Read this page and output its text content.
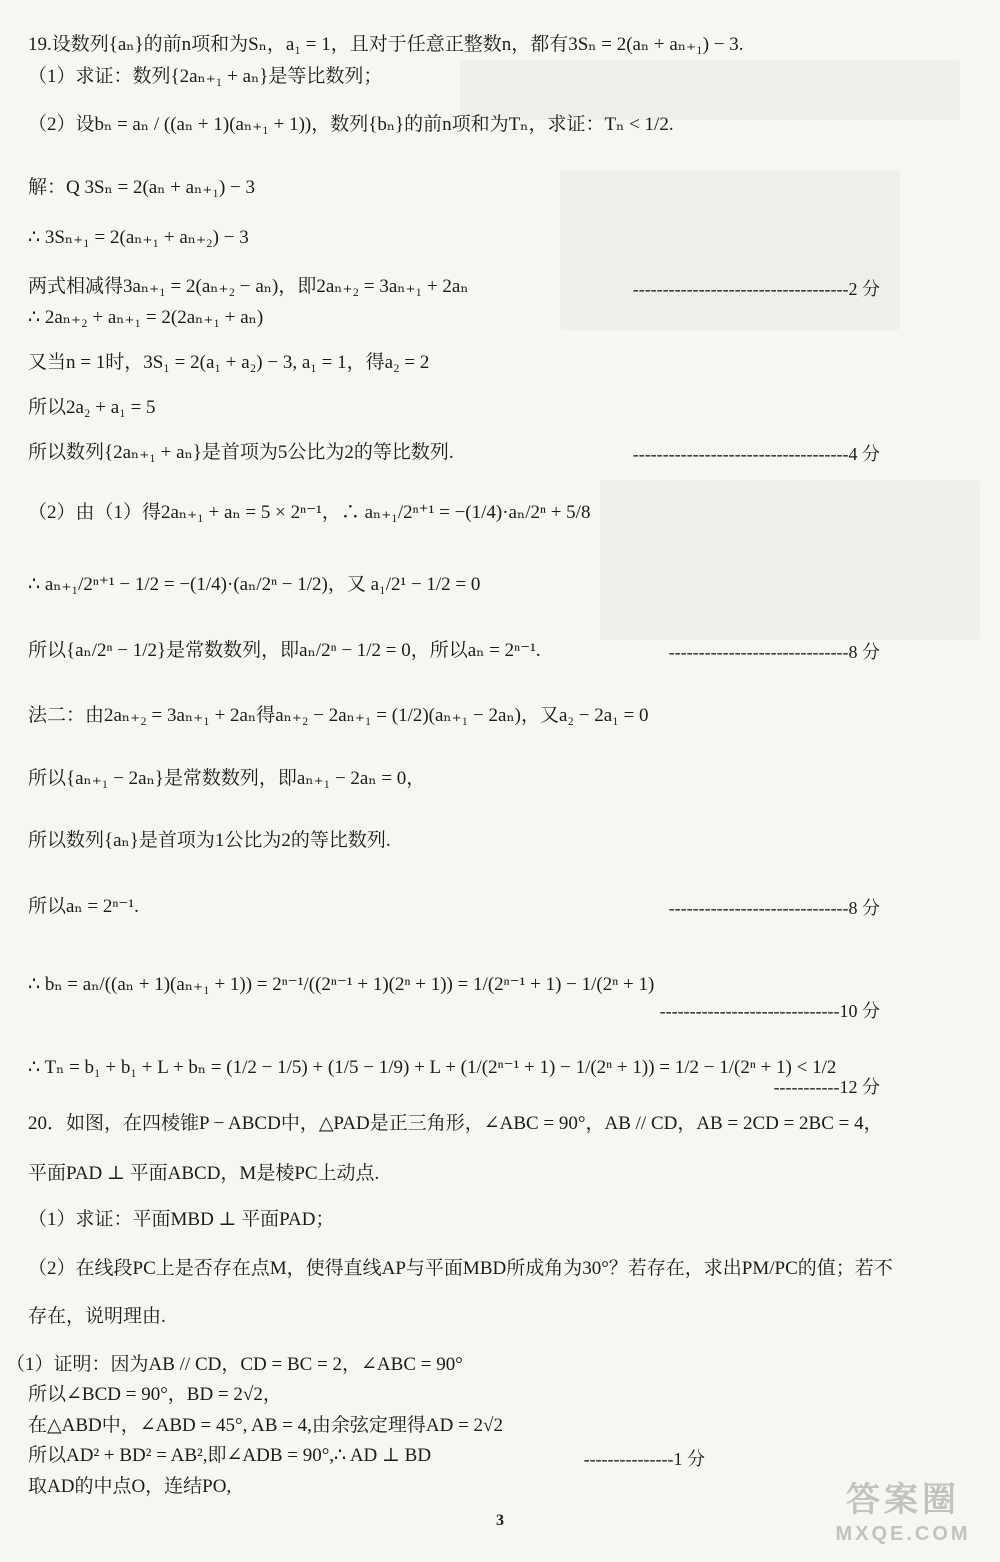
19.设数列{aₙ}的前n项和为Sₙ，a₁ = 1，且对于任意正整数n，都有3Sₙ = 2(aₙ + aₙ₊₁) − 3.
（1）求证：数列{2aₙ₊₁ + aₙ}是等比数列；
（2）设bₙ = aₙ / ((aₙ + 1)(aₙ₊₁ + 1))，数列{bₙ}的前n项和为Tₙ，求证：Tₙ < 1/2.
解：Q 3Sₙ = 2(aₙ + aₙ₊₁) − 3
∴ 3Sₙ₊₁ = 2(aₙ₊₁ + aₙ₊₂) − 3
两式相减得3aₙ₊₁ = 2(aₙ₊₂ − aₙ)，即2aₙ₊₂ = 3aₙ₊₁ + 2aₙ	------------------------------------2 分
∴ 2aₙ₊₂ + aₙ₊₁ = 2(2aₙ₊₁ + aₙ)
又当n = 1时，3S₁ = 2(a₁ + a₂) − 3, a₁ = 1，得a₂ = 2
所以2a₂ + a₁ = 5
所以数列{2aₙ₊₁ + aₙ}是首项为5公比为2的等比数列.	------------------------------------4 分
（2）由（1）得2aₙ₊₁ + aₙ = 5 × 2ⁿ⁻¹，∴ aₙ₊₁/2ⁿ⁺¹ = −(1/4)·aₙ/2ⁿ + 5/8
∴ aₙ₊₁/2ⁿ⁺¹ − 1/2 = −(1/4)·(aₙ/2ⁿ − 1/2)，又 a₁/2¹ − 1/2 = 0
所以{aₙ/2ⁿ − 1/2}是常数数列，即aₙ/2ⁿ − 1/2 = 0，所以aₙ = 2ⁿ⁻¹.	------------------------------8 分
法二：由2aₙ₊₂ = 3aₙ₊₁ + 2aₙ得aₙ₊₂ − 2aₙ₊₁ = (1/2)(aₙ₊₁ − 2aₙ)，又a₂ − 2a₁ = 0
所以{aₙ₊₁ − 2aₙ}是常数数列，即aₙ₊₁ − 2aₙ = 0，
所以数列{aₙ}是首项为1公比为2的等比数列.
所以aₙ = 2ⁿ⁻¹.	------------------------------8 分
∴ bₙ = aₙ/((aₙ + 1)(aₙ₊₁ + 1)) = 2ⁿ⁻¹/((2ⁿ⁻¹ + 1)(2ⁿ + 1)) = 1/(2ⁿ⁻¹ + 1) − 1/(2ⁿ + 1)
------------------------------10 分
∴ Tₙ = b₁ + b₁ + L + bₙ = (1/2 − 1/5) + (1/5 − 1/9) + L + (1/(2ⁿ⁻¹ + 1) − 1/(2ⁿ + 1)) = 1/2 − 1/(2ⁿ + 1) < 1/2
-----------12 分
20．如图，在四棱锥P − ABCD中，△PAD是正三角形，∠ABC = 90°，AB // CD，AB = 2CD = 2BC = 4，
平面PAD ⊥ 平面ABCD，M是棱PC上动点.
（1）求证：平面MBD ⊥ 平面PAD；
（2）在线段PC上是否存在点M，使得直线AP与平面MBD所成角为30°？若存在，求出PM/PC的值；若不
存在，说明理由.
（1）证明：因为AB // CD，CD = BC = 2，∠ABC = 90°
所以∠BCD = 90°，BD = 2√2，
在△ABD中，∠ABD = 45°, AB = 4,由余弦定理得AD = 2√2
所以AD² + BD² = AB²,即∠ADB = 90°,∴ AD ⊥ BD	---------------1 分
取AD的中点O，连结PO,
3
答案圈
MXQE.COM
